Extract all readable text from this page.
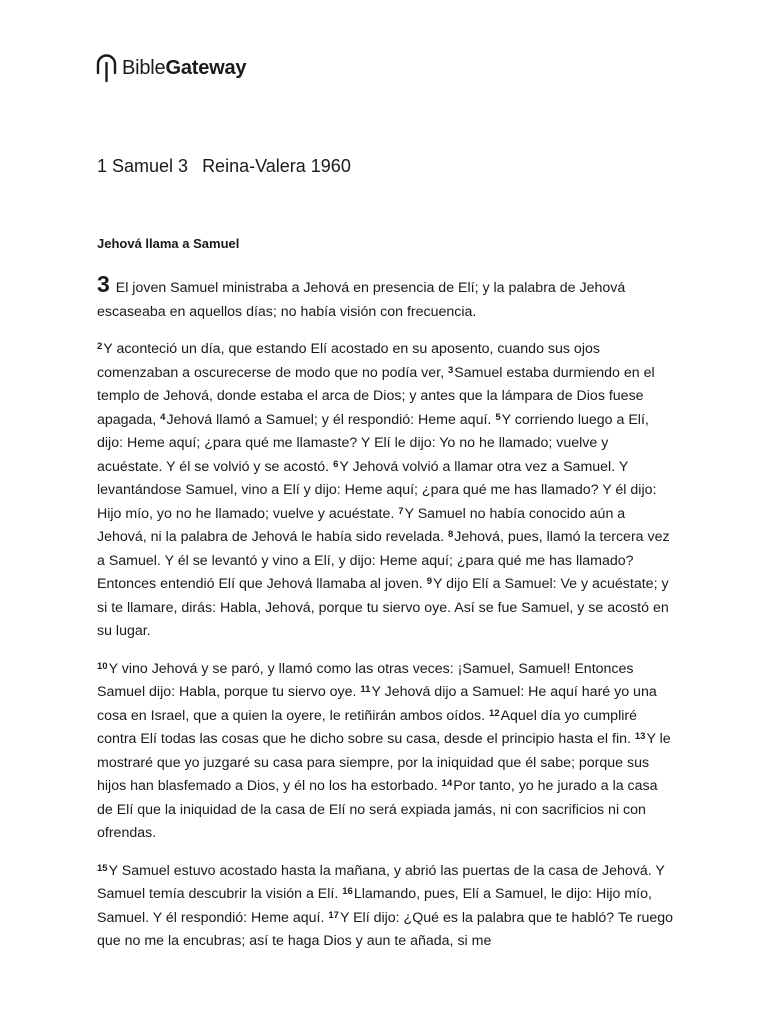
BibleGateway
1 Samuel 3 Reina-Valera 1960
Jehová llama a Samuel

3 El joven Samuel ministraba a Jehová en presencia de Elí; y la palabra de Jehová escaseaba en aquellos días; no había visión con frecuencia.

$^2$Y aconteció un día, que estando Elí acostado en su aposento, cuando sus ojos comenzaban a oscurecerse de modo que no podía ver, $^3$Samuel estaba durmiendo en el templo de Jehová, donde estaba el arca de Dios; y antes que la lámpara de Dios fuese apagada, $^4$Jehová llamó a Samuel; y él respondió: Heme aquí. $^5$Y corriendo luego a Elí, dijo: Heme aquí; ¿para qué me llamaste? Y Elí le dijo: Yo no he llamado; vuelve y acuéstate. Y él se volvió y se acostó. $^6$Y Jehová volvió a llamar otra vez a Samuel. Y levantándose Samuel, vino a Elí y dijo: Heme aquí; ¿para qué me has llamado? Y él dijo: Hijo mío, yo no he llamado; vuelve y acuéstate. $^7$Y Samuel no había conocido aún a Jehová, ni la palabra de Jehová le había sido revelada. $^8$Jehová, pues, llamó la tercera vez a Samuel. Y él se levantó y vino a Elí, y dijo: Heme aquí; ¿para qué me has llamado? Entonces entendió Elí que Jehová llamaba al joven. $^9$Y dijo Elí a Samuel: Ve y acuéstate; y si te llamare, dirás: Habla, Jehová, porque tu siervo oye. Así se fue Samuel, y se acostó en su lugar.

$^{10}$Y vino Jehová y se paró, y llamó como las otras veces: ¡Samuel, Samuel! Entonces Samuel dijo: Habla, porque tu siervo oye. $^{11}$Y Jehová dijo a Samuel: He aquí haré yo una cosa en Israel, que a quien la oyere, le retiñirán ambos oídos. $^{12}$Aquel día yo cumpliré contra Elí todas las cosas que he dicho sobre su casa, desde el principio hasta el fin. $^{13}$Y le mostraré que yo juzgaré su casa para siempre, por la iniquidad que él sabe; porque sus hijos han blasfemado a Dios, y él no los ha estorbado. $^{14}$Por tanto, yo he jurado a la casa de Elí que la iniquidad de la casa de Elí no será expiada jamás, ni con sacrificios ni con ofrendas.

$^{15}$Y Samuel estuvo acostado hasta la mañana, y abrió las puertas de la casa de Jehová. Y Samuel temía descubrir la visión a Elí. $^{16}$Llamando, pues, Elí a Samuel, le dijo: Hijo mío, Samuel. Y él respondió: Heme aquí. $^{17}$Y Elí dijo: ¿Qué es la palabra que te habló? Te ruego que no me la encubras; así te haga Dios y aun te añada, si me
